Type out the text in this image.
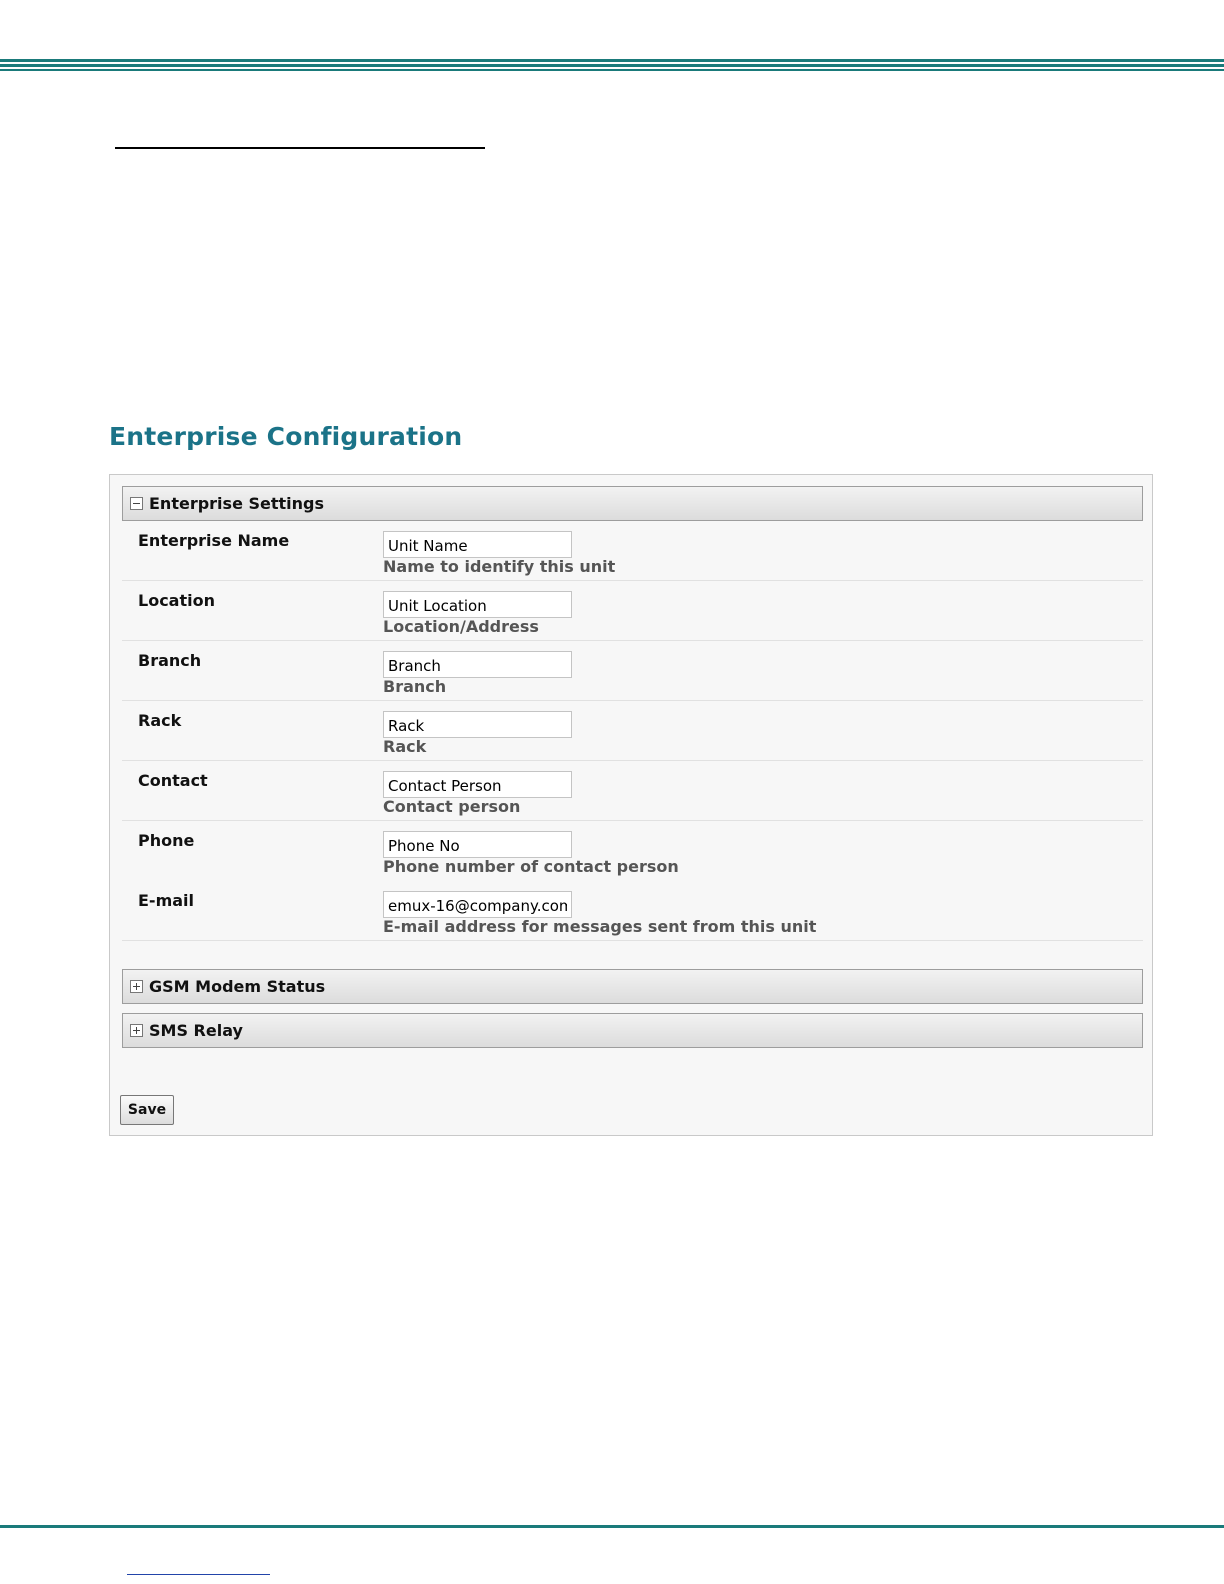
Enterprise Configuration
Enterprise Settings
Enterprise Name
Unit Name
Name to identify this unit
Location
Unit Location
Location/Address
Branch
Branch
Branch
Rack
Rack
Rack
Contact
Contact Person
Contact person
Phone
Phone No
Phone number of contact person
E-mail
emux-16@company.com
E-mail address for messages sent from this unit
GSM Modem Status
SMS Relay
Save
